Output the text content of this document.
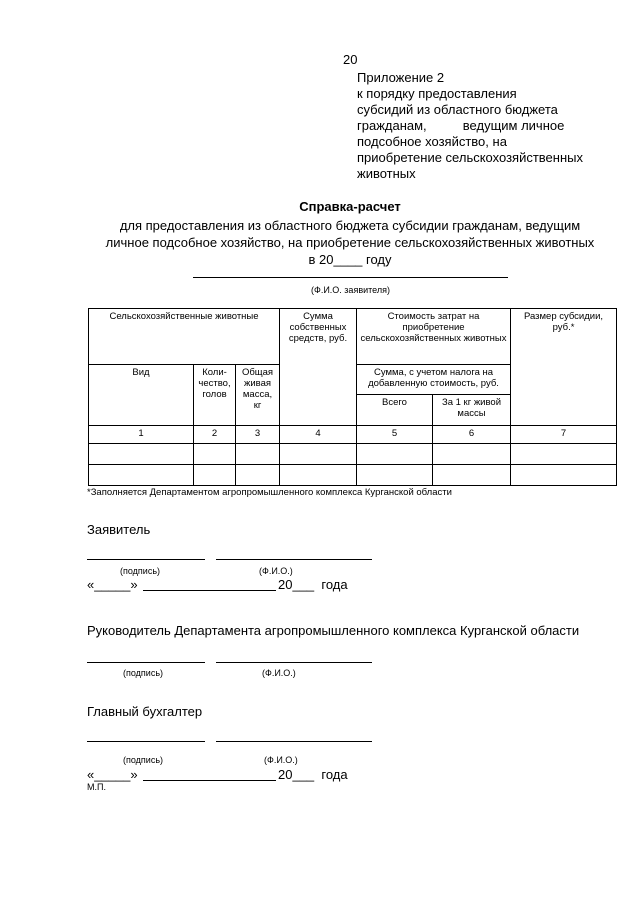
20
Приложение 2
к порядку предоставления
субсидий из областного бюджета
гражданам,          ведущим личное
подсобное хозяйство, на
приобретение сельскохозяйственных
животных
Справка-расчет
для предоставления из областного бюджета субсидии гражданам, ведущим
личное подсобное хозяйство, на приобретение сельскохозяйственных животных
в 20____ году
(Ф.И.О. заявителя)
Сельскохозяйственные животные			Сумма собственных средств, руб.	Стоимость затрат на приобретение сельскохозяйственных животных		Размер субсидии, руб.*
Вид	Коли-чество, голов	Общая живая масса, кг		Сумма, с учетом налога на добавленную стоимость, руб.		
				Всего	За 1 кг живой массы	
1	2	3	4	5	6	7

*Заполняется Департаментом агропромышленного комплекса Курганской области
Заявитель
(подпись)	(Ф.И.О.)
«_____»	20___  года
Руководитель Департамента агропромышленного комплекса Курганской области
(подпись)	(Ф.И.О.)
Главный бухгалтер
(подпись)	(Ф.И.О.)
«_____»	20___  года
М.П.
